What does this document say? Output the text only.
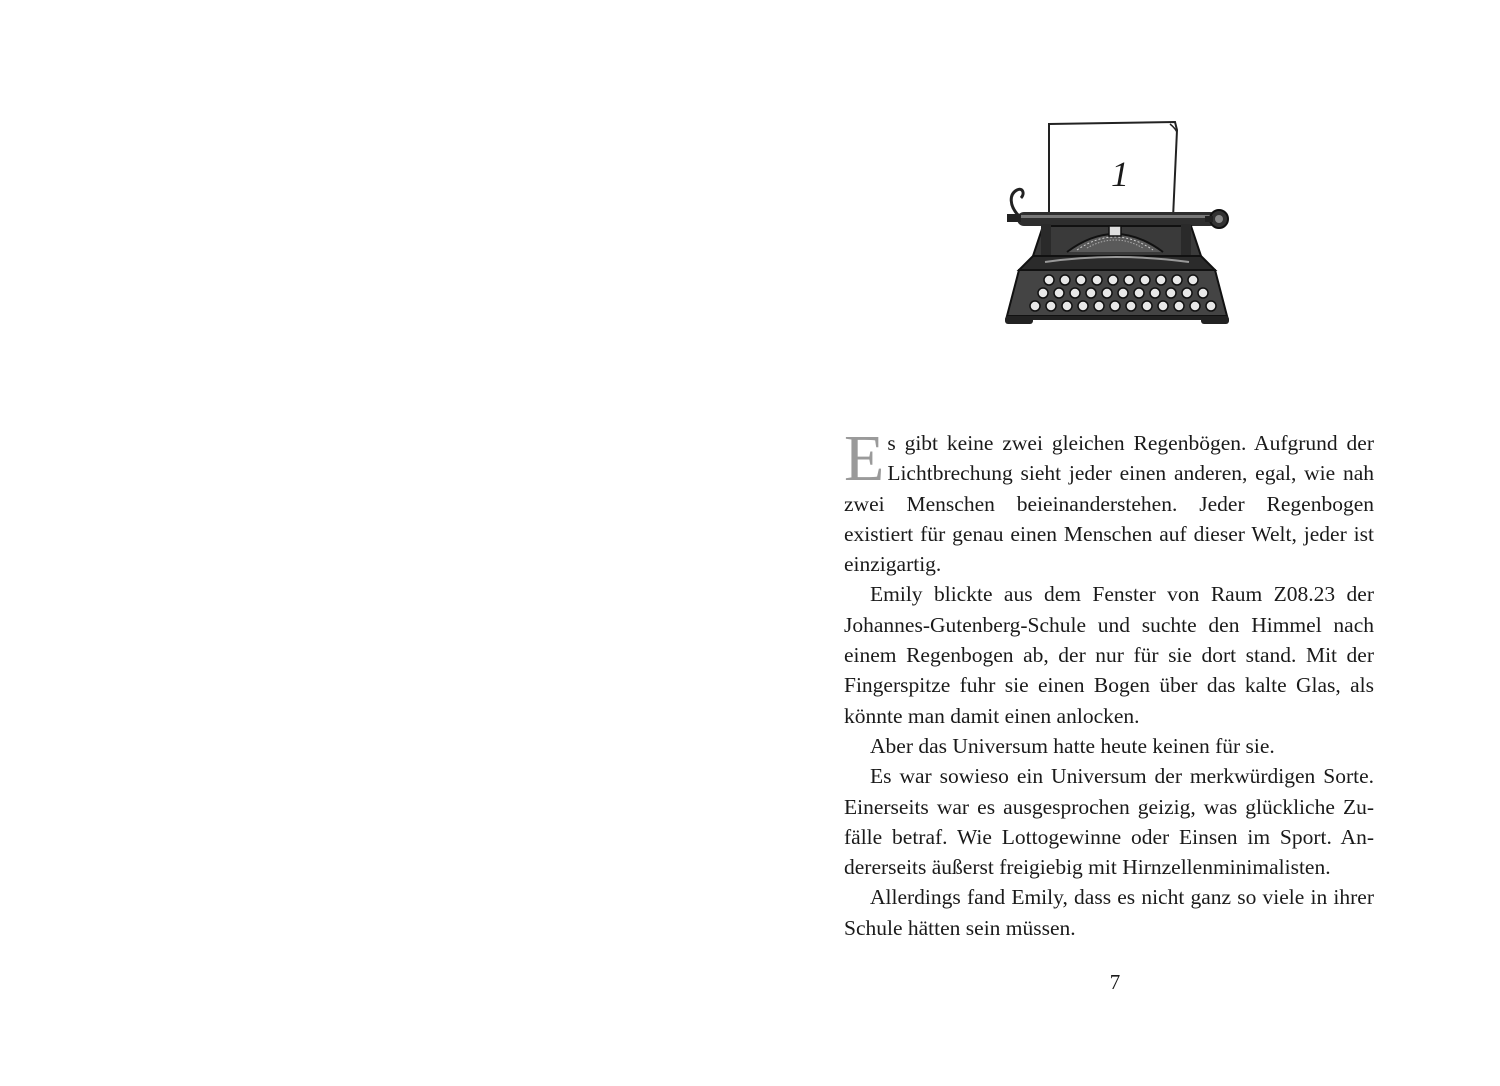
1

Es gibt keine zwei gleichen Regenbögen. Aufgrund der Lichtbrechung sieht jeder einen anderen, egal, wie nah zwei Menschen beieinanderstehen. Jeder Regenbogen existiert für genau einen Menschen auf dieser Welt, jeder ist einzigartig.

Emily blickte aus dem Fenster von Raum Z08.23 der Johannes-Gutenberg-Schule und suchte den Himmel nach einem Regenbogen ab, der nur für sie dort stand. Mit der Fingerspitze fuhr sie einen Bogen über das kalte Glas, als könnte man damit einen anlocken.

Aber das Universum hatte heute keinen für sie.

Es war sowieso ein Universum der merkwürdigen Sorte. Einerseits war es ausgesprochen geizig, was glückliche Zufälle betraf. Wie Lottogewinne oder Einsen im Sport. Andererseits äußerst freigiebig mit Hirnzellenminimalisten.

Allerdings fand Emily, dass es nicht ganz so viele in ihrer Schule hätten sein müssen.

7
